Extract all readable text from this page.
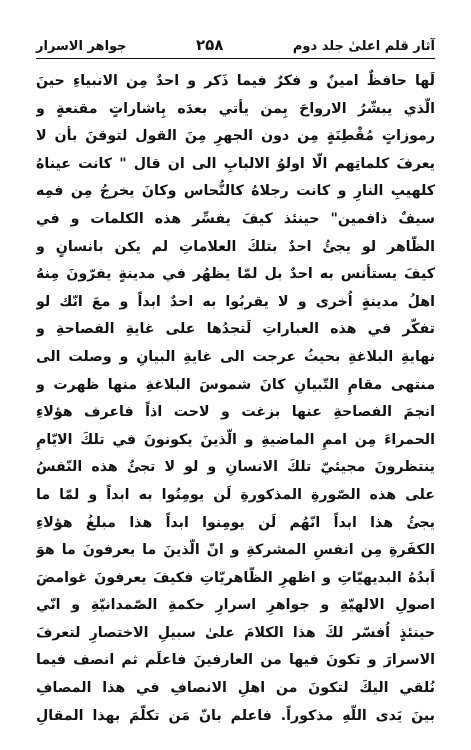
جواهر الاسرار	۲۵۸	آثار قلم اعلیٰ جلد دوم
لَها حافظٌ امينٌ و فكرٌ فيما ذَكر و احدٌ مِن الانبياءِ حينَ
الّذي يبشّرُ الارواحَ بِمن يأتي بعدَه بِاشاراتٍ مقنعةٍ و
رموزاتٍ مُقْطِنَةٍ مِن دون الجهرِ مِنَ القول لتوقنَ بأن لا
يعرفَ كلماتِهم الّا اولوُ الالبابِ الى ان قال " كانت عيناهُ
كلهيبِ النارِ و كانت رجلاهُ كالنُّحاس وكانَ يخرجُ مِن فمِه
سيفٌ ذافمين" حينئذ كيفَ يفسِّر هذه الكلمات و في
الظّاهر لو يجئُ احدٌ بتلكَ العلاماتِ لم يكن بانسانٍ و
كيفَ يستأنس به احدٌ بل لمّا يظهُر في مدينةٍ يفرّونَ مِنهُ
اهلُ مدينةٍ اُخرى و لا يقربُوا به احدٌ ابداً و معَ انّك لو
تفكّر في هذه العباراتِ لَتجدُها على غايةِ الفصاحةِ و
نهايةِ البلاغةِ بحيثُ عرجت الى غايةِ البيانِ و وصلت الى
منتهى مقامِ التّبيانِ كانَ شموسَ البلاغةِ منها ظهرت و
انجمَ الفصاحةِ عنها بزغت و لاحت اذاً فاعرف هؤلاءِ
الحمراءَ مِن اممِ الماضيةِ و الّذينَ يكونونَ في تلكَ الايّامِ
ينتظرونَ مجيئيّ تلكَ الانسانِ و لو لا تجئُ هذه النّفسُ
على هذه الصّورةِ المذكورةِ لَن يومِنُوا به ابداً و لمّا ما
يجئُ هذا ابداً انّهُم لَن يومِنوا ابداً هذا مبلغُ هؤلاءِ
الكفَرةِ مِن انفسِ المشركةِ و انّ الّذينَ ما يعرفونَ ما هوَ
اَبدُهُ البديهيّاتِ و اظهرِ الظّاهريّاتِ فكيفَ يعرفونَ غوامضَ
اصولِ الالهيّةِ و جواهرِ اسرارِ حكمةِ الصّمدانيّةِ و انّي
حينئذٍ اُفسّر لكَ هذا الكلامَ علىٰ سبيلِ الاختصارِ لتعرفَ
الاسرارَ و تكونَ فيها من العارفينَ فاعلَم ثم انصف فيما
نُلقي اليكَ لتكونَ من اهلِ الانصافِ في هذا المصافِ
بينَ يَدى اللّهِ مذكوراً. فاعلم بانّ مَن تكلّمَ بهذا المقالِ
